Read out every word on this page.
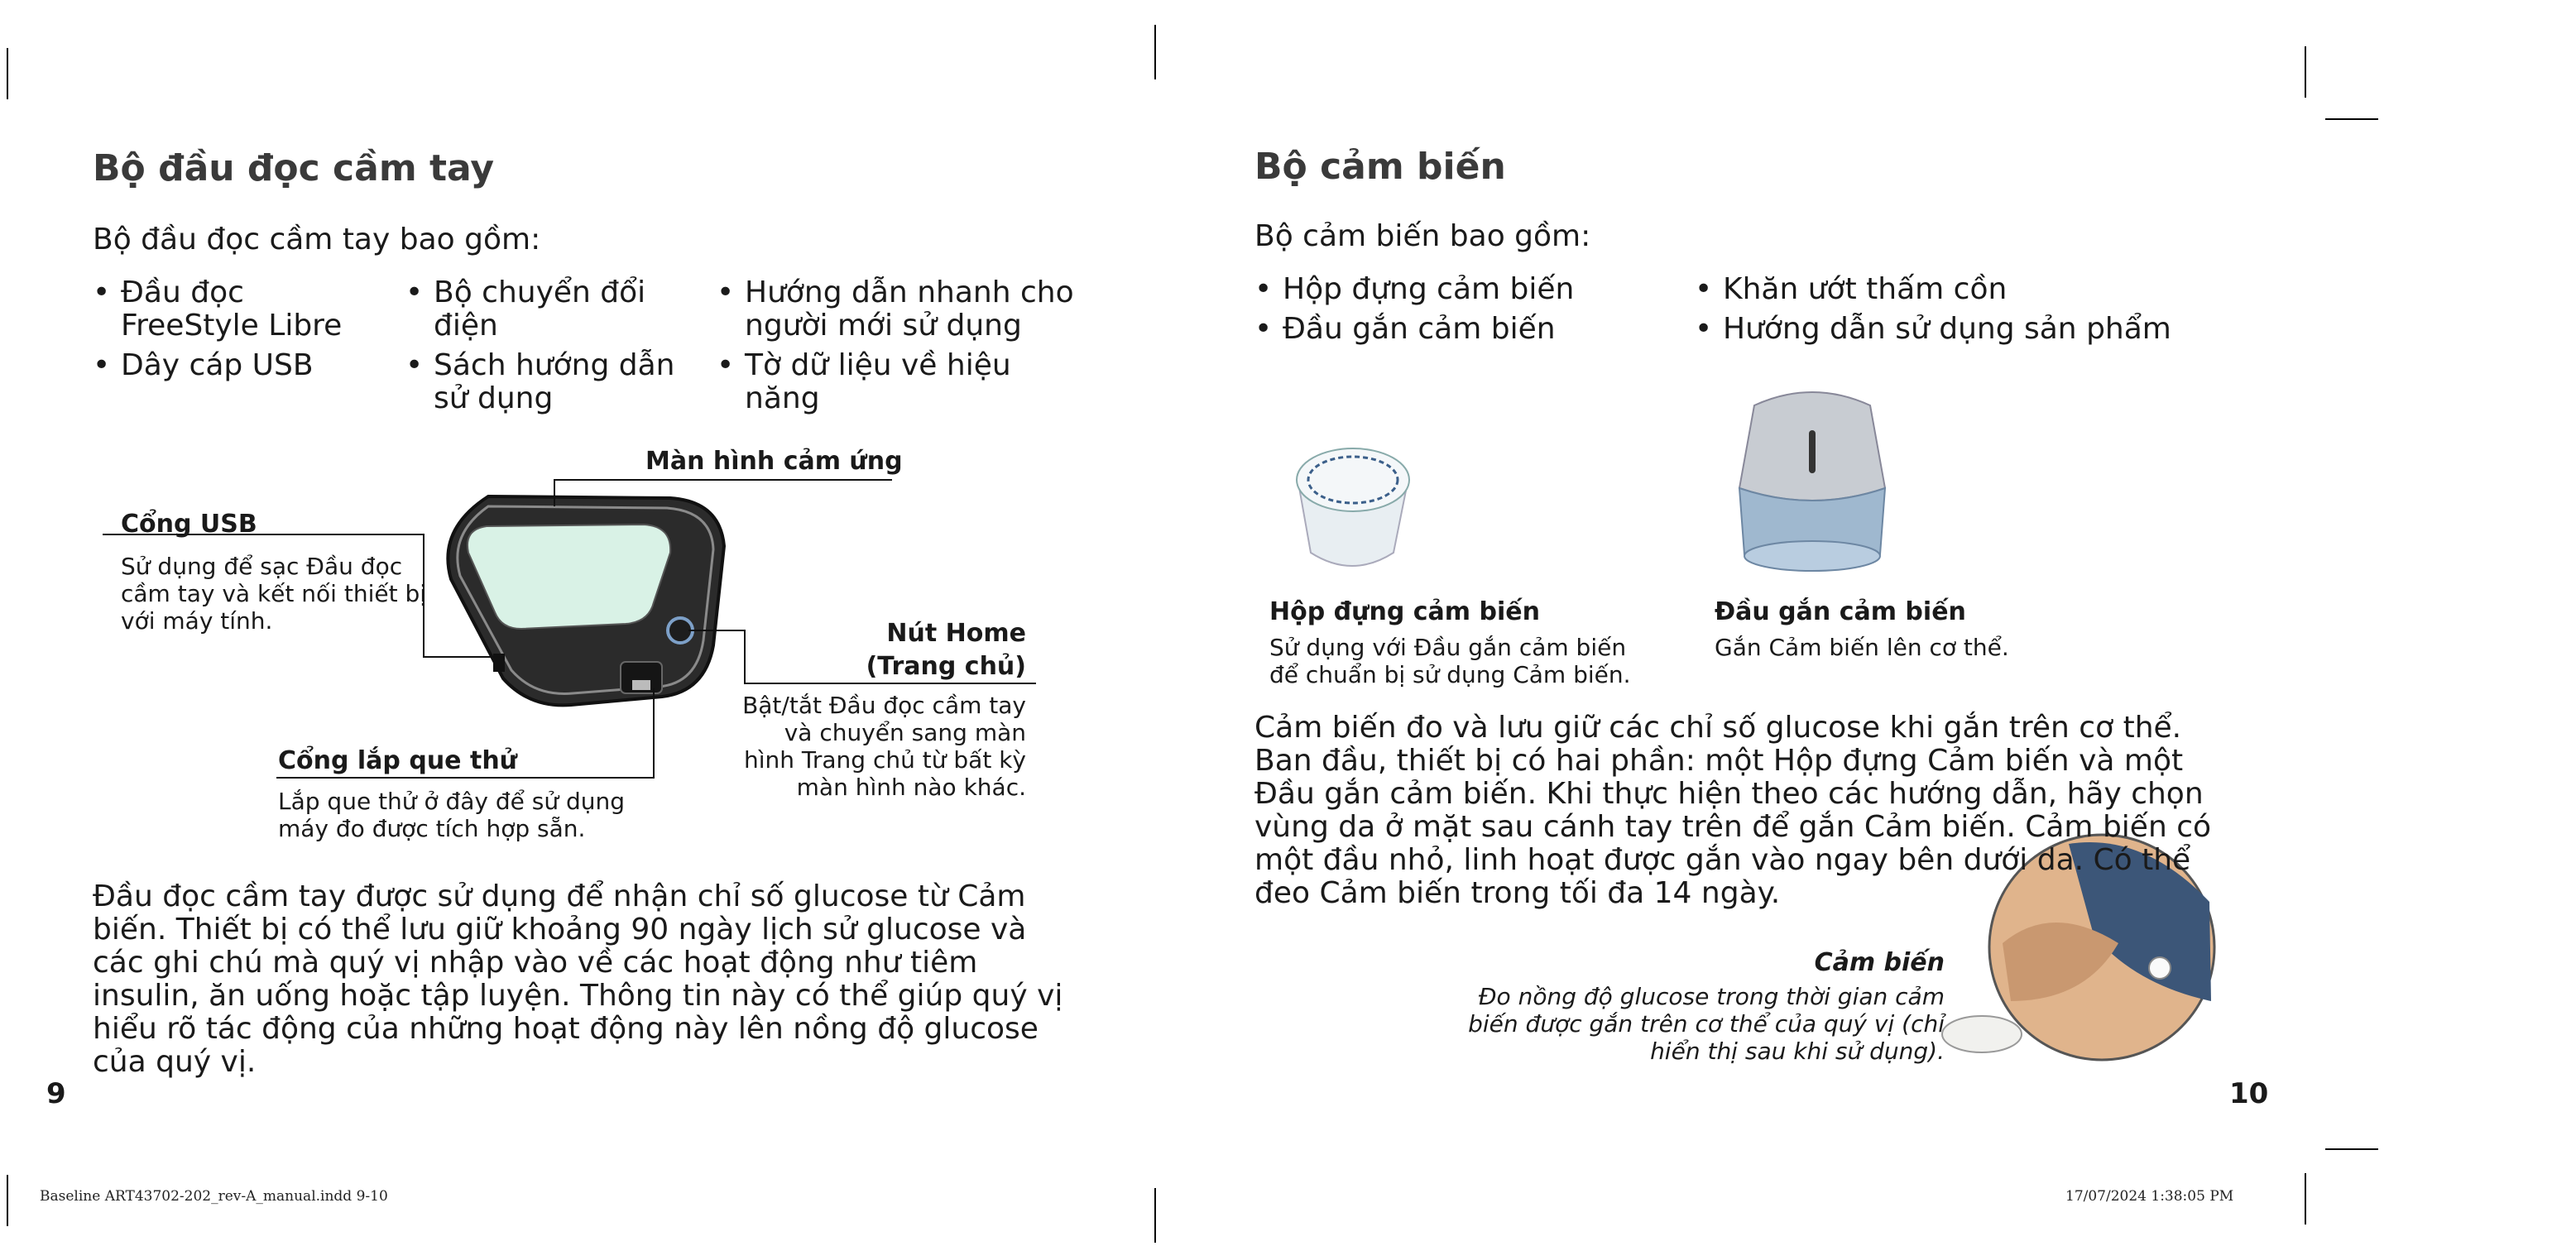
Bộ đầu đọc cầm tay
Bộ đầu đọc cầm tay bao gồm:
• Đầu đọc FreeStyle Libre
• Dây cáp USB
• Bộ chuyển đổi điện
• Sách hướng dẫn sử dụng
• Hướng dẫn nhanh cho người mới sử dụng
• Tờ dữ liệu về hiệu năng
Màn hình cảm ứng
Cổng USB
Sử dụng để sạc Đầu đọc cầm tay và kết nối thiết bị với máy tính.	Nút Home
(Trang chủ)
Bật/tắt Đầu đọc cầm tay và chuyển sang màn hình Trang chủ từ bất kỳ màn hình nào khác.
Cổng lắp que thử
Lắp que thử ở đây để sử dụng máy đo được tích hợp sẵn.
Đầu đọc cầm tay được sử dụng để nhận chỉ số glucose từ Cảm biến. Thiết bị có thể lưu giữ khoảng 90 ngày lịch sử glucose và các ghi chú mà quý vị nhập vào về các hoạt động như tiêm insulin, ăn uống hoặc tập luyện. Thông tin này có thể giúp quý vị hiểu rõ tác động của những hoạt động này lên nồng độ glucose của quý vị.
9
Bộ cảm biến
Bộ cảm biến bao gồm:
• Hộp đựng cảm biến
• Đầu gắn cảm biến
• Khăn ướt thấm cồn
• Hướng dẫn sử dụng sản phẩm
Hộp đựng cảm biến
Sử dụng với Đầu gắn cảm biến để chuẩn bị sử dụng Cảm biến.
Đầu gắn cảm biến
Gắn Cảm biến lên cơ thể.
Cảm biến đo và lưu giữ các chỉ số glucose khi gắn trên cơ thể. Ban đầu, thiết bị có hai phần: một Hộp đựng Cảm biến và một Đầu gắn cảm biến. Khi thực hiện theo các hướng dẫn, hãy chọn vùng da ở mặt sau cánh tay trên để gắn Cảm biến. Cảm biến có một đầu nhỏ, linh hoạt được gắn vào ngay bên dưới da. Có thể đeo Cảm biến trong tối đa 14 ngày.
Cảm biến
Đo nồng độ glucose trong thời gian cảm biến được gắn trên cơ thể của quý vị (chỉ hiển thị sau khi sử dụng).
10
Baseline ART43702-202_rev-A_manual.indd 9-10	17/07/2024 1:38:05 PM
